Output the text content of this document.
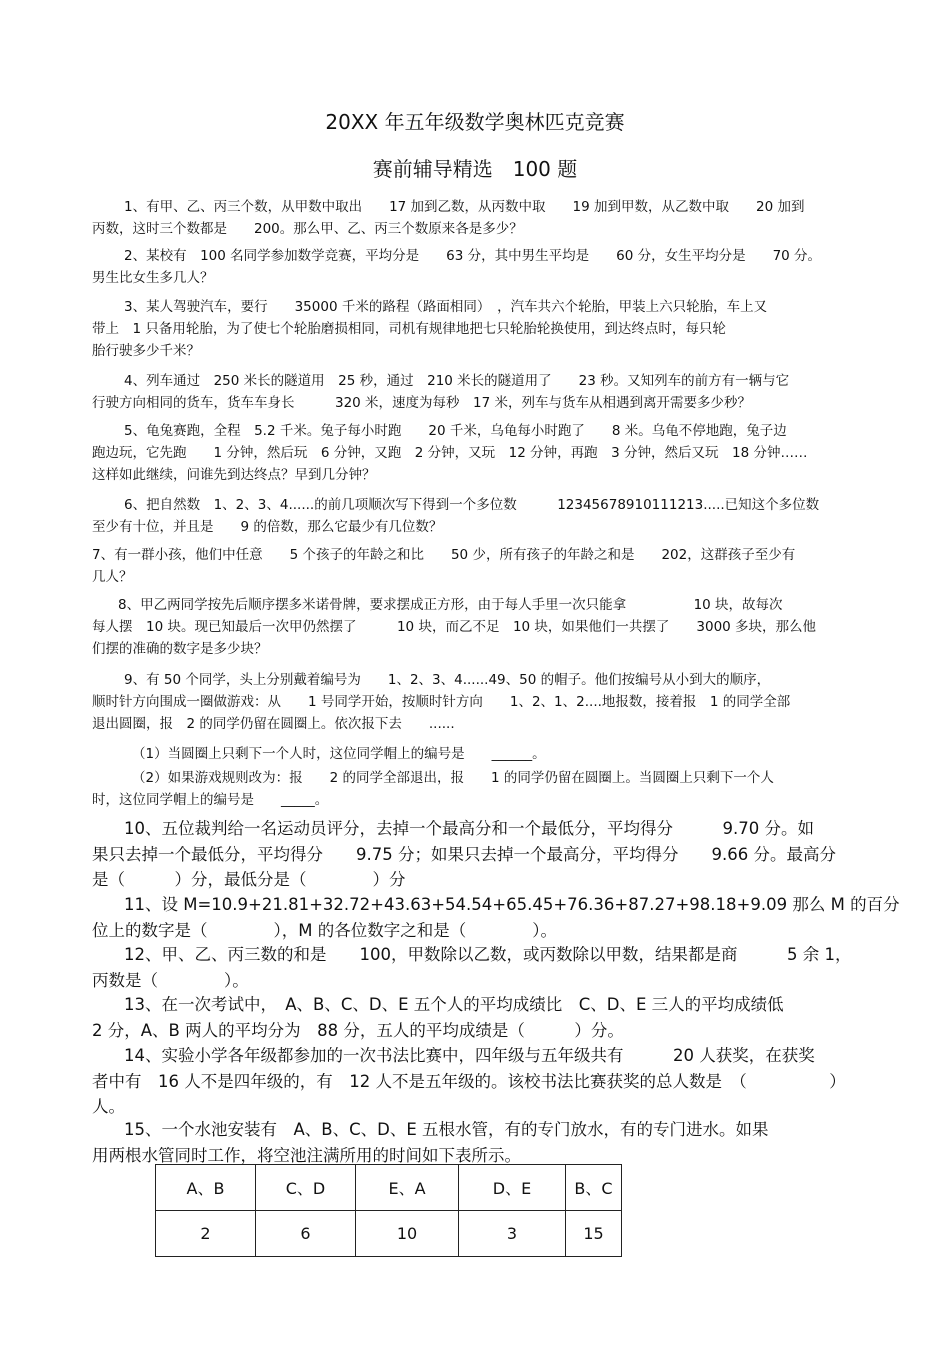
20XX 年五年级数学奥林匹克竞赛
赛前辅导精选　100 题
1、有甲、乙、丙三个数，从甲数中取出　　17 加到乙数，从丙数中取　　19 加到甲数，从乙数中取　　20 加到
丙数，这时三个数都是　　200。那么甲、乙、丙三个数原来各是多少？
2、某校有　100 名同学参加数学竞赛，平均分是　　63 分，其中男生平均是　　60 分，女生平均分是　　70 分。
男生比女生多几人？
3、某人驾驶汽车，要行　　35000 千米的路程（路面相同）　，汽车共六个轮胎，甲装上六只轮胎，车上又
带上　1 只备用轮胎，为了使七个轮胎磨损相同，司机有规律地把七只轮胎轮换使用，到达终点时，每只轮
胎行驶多少千米？
4、列车通过　250 米长的隧道用　25 秒，通过　210 米长的隧道用了　　23 秒。又知列车的前方有一辆与它
行驶方向相同的货车，货车车身长　　　320 米，速度为每秒　17 米，列车与货车从相遇到离开需要多少秒？
5、龟兔赛跑，全程　5.2 千米。兔子每小时跑　　20 千米，乌龟每小时跑了　　8 米。乌龟不停地跑，兔子边
跑边玩，它先跑　　1 分钟，然后玩　6 分钟，又跑　2 分钟，又玩　12 分钟，再跑　3 分钟，然后又玩　18 分钟……
这样如此继续，问谁先到达终点？早到几分钟？
6、把自然数　1、2、3、4......的前几项顺次写下得到一个多位数　　　12345678910111213.....已知这个多位数
至少有十位，并且是　　9 的倍数，那么它最少有几位数？
7、有一群小孩，他们中任意　　5 个孩子的年龄之和比　　50 少，所有孩子的年龄之和是　　202，这群孩子至少有
几人？
8、甲乙两同学按先后顺序摆多米诺骨牌，要求摆成正方形，由于每人手里一次只能拿　　　　　10 块，故每次
每人摆　10 块。现已知最后一次甲仍然摆了　　　10 块，而乙不足　10 块，如果他们一共摆了　　3000 多块，那么他
们摆的准确的数字是多少块？
9、有 50 个同学，头上分别戴着编号为　　1、2、3、4......49、50 的帽子。他们按编号从小到大的顺序，
顺时针方向围成一圈做游戏：从　　1 号同学开始，按顺时针方向　　1、2、1、2....地报数，接着报　1 的同学全部
退出圆圈，报　2 的同学仍留在圆圈上。依次报下去　　......
（1）当圆圈上只剩下一个人时，这位同学帽上的编号是　　______。
（2）如果游戏规则改为：报　　2 的同学全部退出，报　　1 的同学仍留在圆圈上。当圆圈上只剩下一个人
时，这位同学帽上的编号是　　_____。
10、五位裁判给一名运动员评分，去掉一个最高分和一个最低分，平均得分　　　9.70 分。如
果只去掉一个最低分，平均得分　　9.75 分；如果只去掉一个最高分，平均得分　　9.66 分。最高分
是（　　　）分，最低分是（　　　　）分
11、设 M=10.9+21.81+32.72+43.63+54.54+65.45+76.36+87.27+98.18+9.09 那么 M 的百分
位上的数字是（　　　　），M 的各位数字之和是（　　　　）。
12、甲、乙、丙三数的和是　　100，甲数除以乙数，或丙数除以甲数，结果都是商　　　5 余 1，
丙数是（　　　　）。
13、在一次考试中，　A、B、C、D、E 五个人的平均成绩比　C、D、E 三人的平均成绩低
2 分，A、B 两人的平均分为　88 分，五人的平均成绩是（　　　）分。
14、实验小学各年级都参加的一次书法比赛中，四年级与五年级共有　　　20 人获奖，在获奖
者中有　16 人不是四年级的，有　12 人不是五年级的。该校书法比赛获奖的总人数是　（　　　　　）
人。
15、一个水池安装有　A、B、C、D、E 五根水管，有的专门放水，有的专门进水。如果
用两根水管同时工作，将空池注满所用的时间如下表所示。
A、B	C、D	E、A	D、E	B、C
2	6	10	3	15
